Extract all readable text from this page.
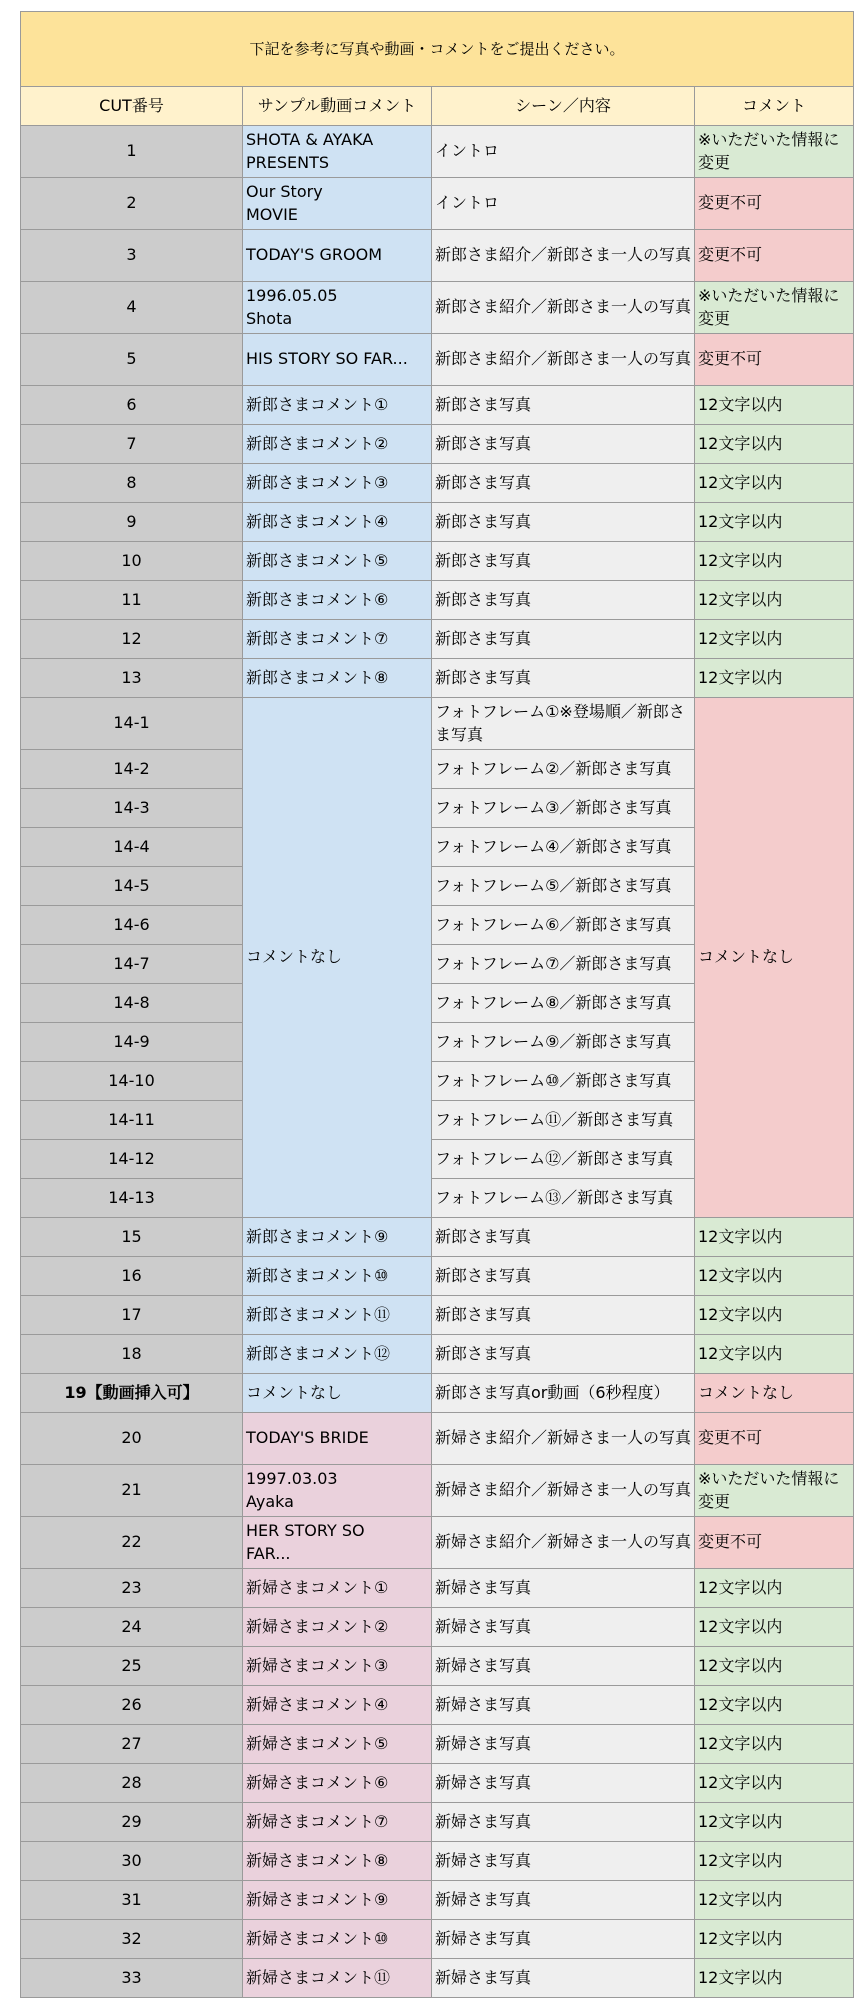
下記を参考に写真や動画・コメントをご提出ください。			
CUT番号	サンプル動画コメント	シーン／内容	コメント
1	SHOTA & AYAKA
PRESENTS	イントロ	※いただいた情報に変更
2	Our Story
MOVIE	イントロ	変更不可
3	TODAY'S GROOM	新郎さま紹介／新郎さま一人の写真	変更不可
4	1996.05.05
Shota	新郎さま紹介／新郎さま一人の写真	※いただいた情報に変更
5	HIS STORY SO FAR...	新郎さま紹介／新郎さま一人の写真	変更不可
6	新郎さまコメント①	新郎さま写真	12文字以内
7	新郎さまコメント②	新郎さま写真	12文字以内
8	新郎さまコメント③	新郎さま写真	12文字以内
9	新郎さまコメント④	新郎さま写真	12文字以内
10	新郎さまコメント⑤	新郎さま写真	12文字以内
11	新郎さまコメント⑥	新郎さま写真	12文字以内
12	新郎さまコメント⑦	新郎さま写真	12文字以内
13	新郎さまコメント⑧	新郎さま写真	12文字以内
14-1	コメントなし	フォトフレーム①※登場順／新郎さま写真	コメントなし
14-2		フォトフレーム②／新郎さま写真	
14-3		フォトフレーム③／新郎さま写真	
14-4		フォトフレーム④／新郎さま写真	
14-5		フォトフレーム⑤／新郎さま写真	
14-6		フォトフレーム⑥／新郎さま写真	
14-7		フォトフレーム⑦／新郎さま写真	
14-8		フォトフレーム⑧／新郎さま写真	
14-9		フォトフレーム⑨／新郎さま写真	
14-10		フォトフレーム⑩／新郎さま写真	
14-11		フォトフレーム⑪／新郎さま写真	
14-12		フォトフレーム⑫／新郎さま写真	
14-13		フォトフレーム⑬／新郎さま写真	
15	新郎さまコメント⑨	新郎さま写真	12文字以内
16	新郎さまコメント⑩	新郎さま写真	12文字以内
17	新郎さまコメント⑪	新郎さま写真	12文字以内
18	新郎さまコメント⑫	新郎さま写真	12文字以内
19【動画挿入可】	コメントなし	新郎さま写真or動画（6秒程度）	コメントなし
20	TODAY'S BRIDE	新婦さま紹介／新婦さま一人の写真	変更不可
21	1997.03.03
Ayaka	新婦さま紹介／新婦さま一人の写真	※いただいた情報に変更
22	HER STORY SO
FAR...	新婦さま紹介／新婦さま一人の写真	変更不可
23	新婦さまコメント①	新婦さま写真	12文字以内
24	新婦さまコメント②	新婦さま写真	12文字以内
25	新婦さまコメント③	新婦さま写真	12文字以内
26	新婦さまコメント④	新婦さま写真	12文字以内
27	新婦さまコメント⑤	新婦さま写真	12文字以内
28	新婦さまコメント⑥	新婦さま写真	12文字以内
29	新婦さまコメント⑦	新婦さま写真	12文字以内
30	新婦さまコメント⑧	新婦さま写真	12文字以内
31	新婦さまコメント⑨	新婦さま写真	12文字以内
32	新婦さまコメント⑩	新婦さま写真	12文字以内
33	新婦さまコメント⑪	新婦さま写真	12文字以内
